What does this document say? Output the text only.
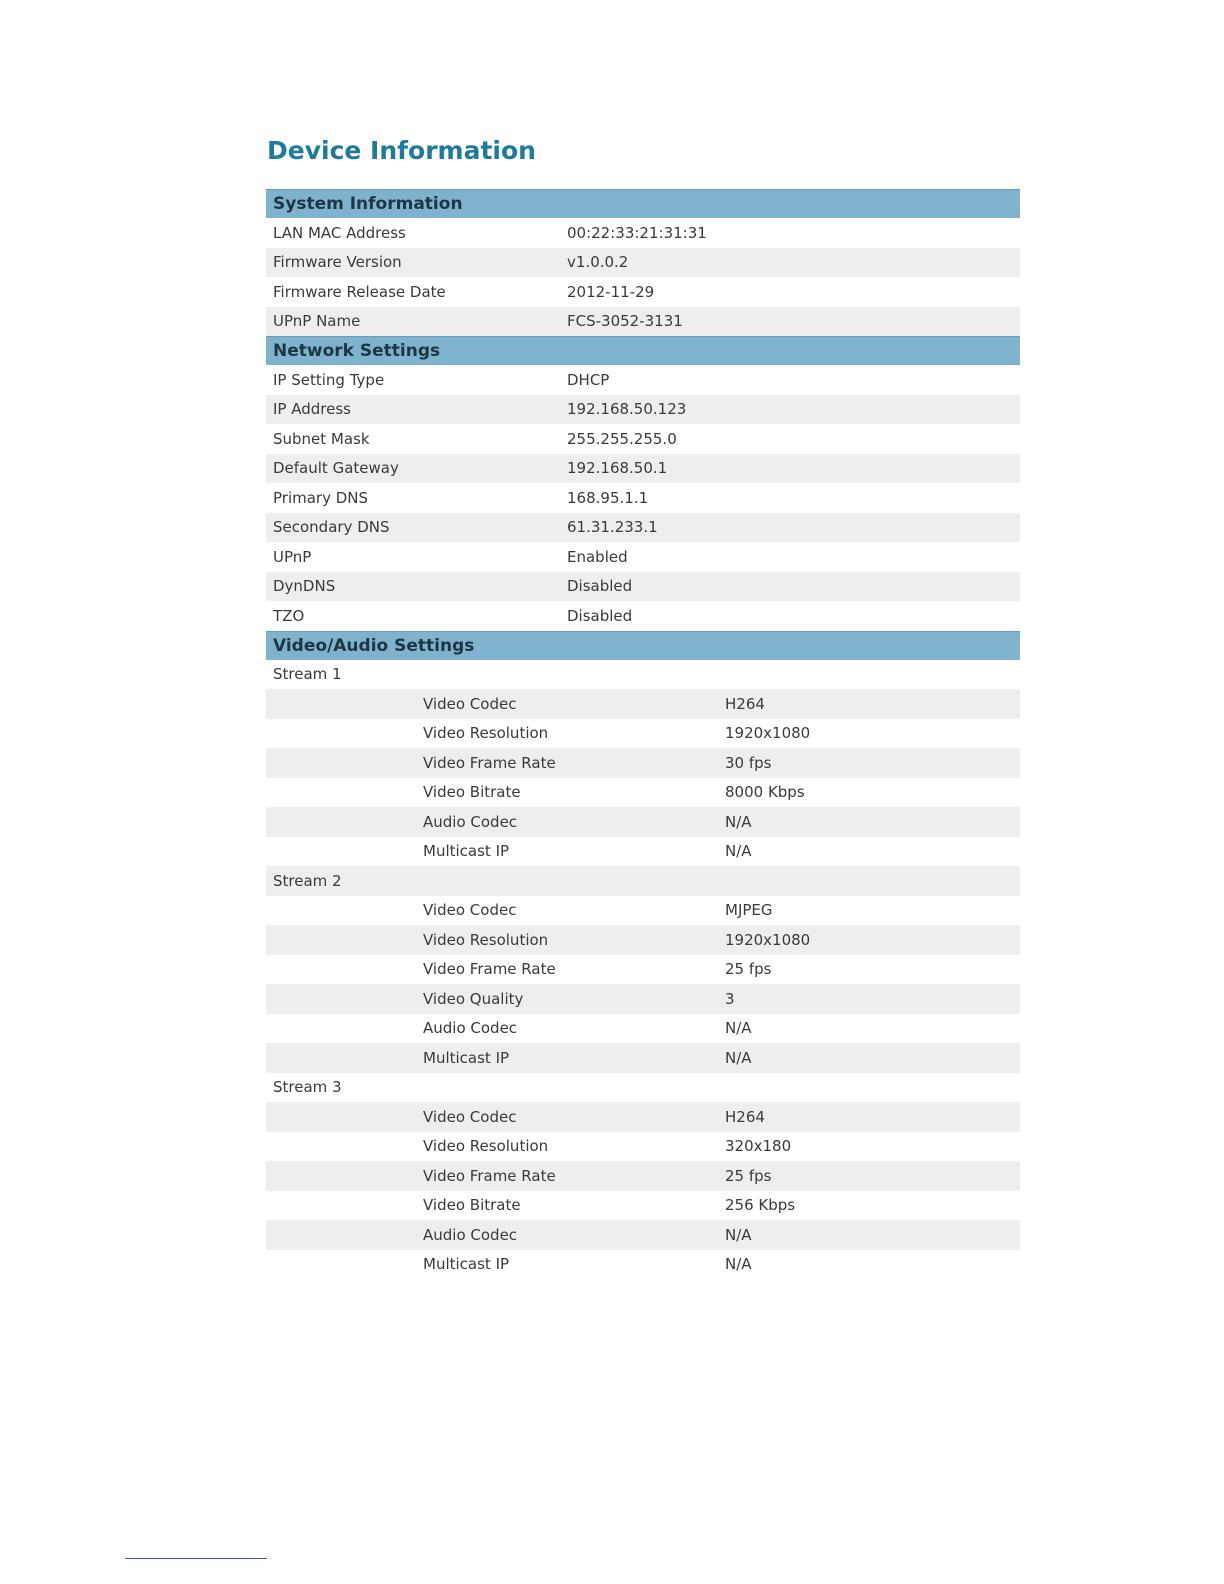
Device Information
System Information
LAN MAC Address	00:22:33:21:31:31
Firmware Version	v1.0.0.2
Firmware Release Date	2012-11-29
UPnP Name	FCS-3052-3131
Network Settings
IP Setting Type	DHCP
IP Address	192.168.50.123
Subnet Mask	255.255.255.0
Default Gateway	192.168.50.1
Primary DNS	168.95.1.1
Secondary DNS	61.31.233.1
UPnP	Enabled
DynDNS	Disabled
TZO	Disabled
Video/Audio Settings
Stream 1
Video Codec	H264
Video Resolution	1920x1080
Video Frame Rate	30 fps
Video Bitrate	8000 Kbps
Audio Codec	N/A
Multicast IP	N/A
Stream 2
Video Codec	MJPEG
Video Resolution	1920x1080
Video Frame Rate	25 fps
Video Quality	3
Audio Codec	N/A
Multicast IP	N/A
Stream 3
Video Codec	H264
Video Resolution	320x180
Video Frame Rate	25 fps
Video Bitrate	256 Kbps
Audio Codec	N/A
Multicast IP	N/A
